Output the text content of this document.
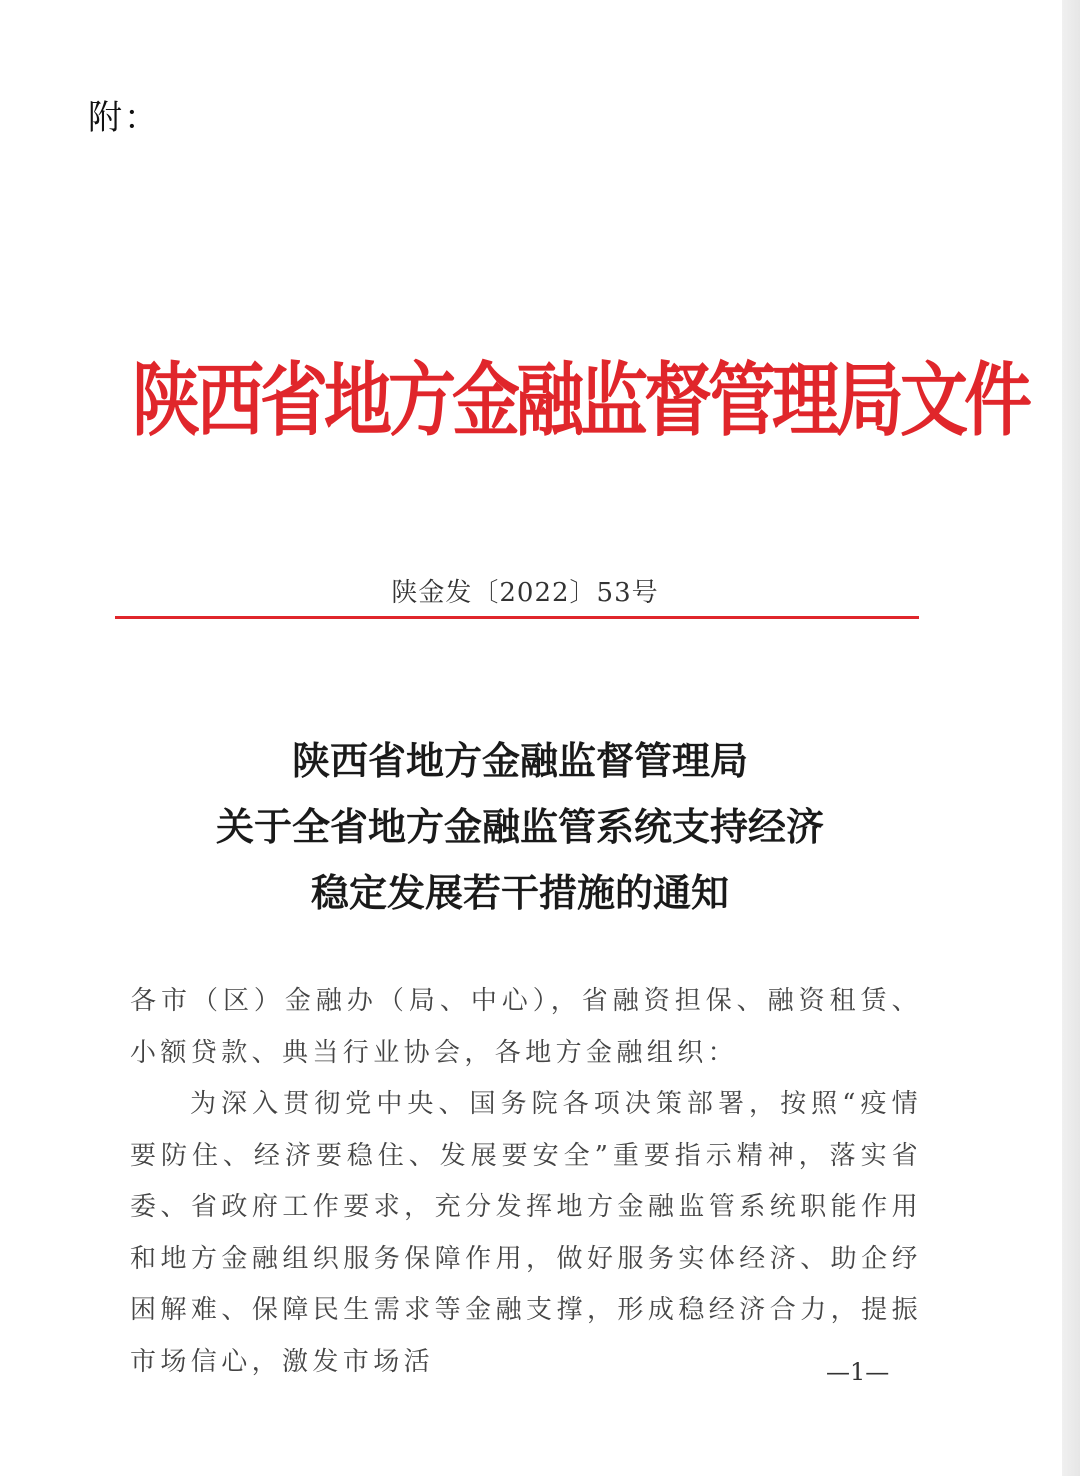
附：
陕西省地方金融监督管理局文件
陕金发〔2022〕53号
陕西省地方金融监督管理局
关于全省地方金融监管系统支持经济
稳定发展若干措施的通知

各市（区）金融办（局、中心），省融资担保、融资租赁、小额贷款、典当行业协会，各地方金融组织：

为深入贯彻党中央、国务院各项决策部署，按照“疫情要防住、经济要稳住、发展要安全”重要指示精神，落实省委、省政府工作要求，充分发挥地方金融监管系统职能作用和地方金融组织服务保障作用，做好服务实体经济、助企纾困解难、保障民生需求等金融支撑，形成稳经济合力，提振市场信心，激发市场活	—1—
